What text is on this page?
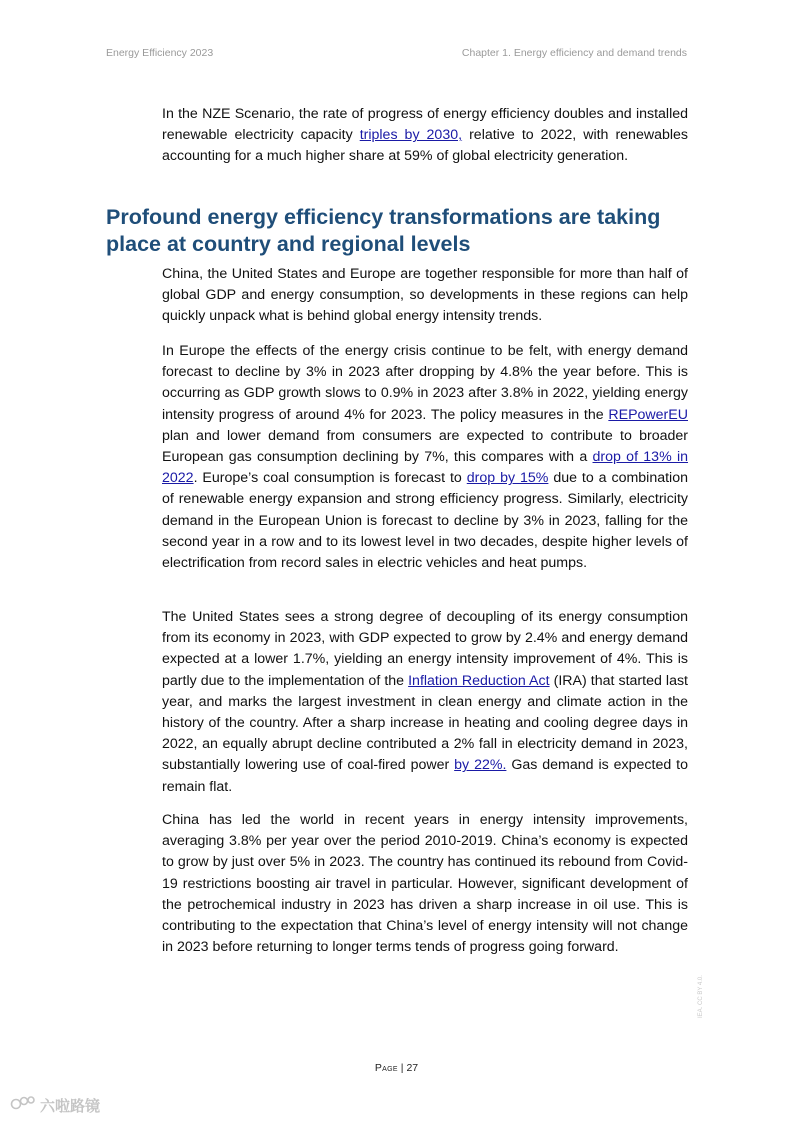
Energy Efficiency 2023	Chapter 1. Energy efficiency and demand trends

In the NZE Scenario, the rate of progress of energy efficiency doubles and installed renewable electricity capacity triples by 2030, relative to 2022, with renewables accounting for a much higher share at 59% of global electricity generation.

Profound energy efficiency transformations are taking place at country and regional levels

China, the United States and Europe are together responsible for more than half of global GDP and energy consumption, so developments in these regions can help quickly unpack what is behind global energy intensity trends.

In Europe the effects of the energy crisis continue to be felt, with energy demand forecast to decline by 3% in 2023 after dropping by 4.8% the year before. This is occurring as GDP growth slows to 0.9% in 2023 after 3.8% in 2022, yielding energy intensity progress of around 4% for 2023. The policy measures in the REPowerEU plan and lower demand from consumers are expected to contribute to broader European gas consumption declining by 7%, this compares with a drop of 13% in 2022. Europe’s coal consumption is forecast to drop by 15% due to a combination of renewable energy expansion and strong efficiency progress. Similarly, electricity demand in the European Union is forecast to decline by 3% in 2023, falling for the second year in a row and to its lowest level in two decades, despite higher levels of electrification from record sales in electric vehicles and heat pumps.

The United States sees a strong degree of decoupling of its energy consumption from its economy in 2023, with GDP expected to grow by 2.4% and energy demand expected at a lower 1.7%, yielding an energy intensity improvement of 4%. This is partly due to the implementation of the Inflation Reduction Act (IRA) that started last year, and marks the largest investment in clean energy and climate action in the history of the country. After a sharp increase in heating and cooling degree days in 2022, an equally abrupt decline contributed a 2% fall in electricity demand in 2023, substantially lowering use of coal-fired power by 22%. Gas demand is expected to remain flat.

China has led the world in recent years in energy intensity improvements, averaging 3.8% per year over the period 2010-2019. China’s economy is expected to grow by just over 5% in 2023. The country has continued its rebound from Covid-19 restrictions boosting air travel in particular. However, significant development of the petrochemical industry in 2023 has driven a sharp increase in oil use. This is contributing to the expectation that China’s level of energy intensity will not change in 2023 before returning to longer terms tends of progress going forward.

Page | 27
IEA. CC BY 4.0.
六啦路镜
